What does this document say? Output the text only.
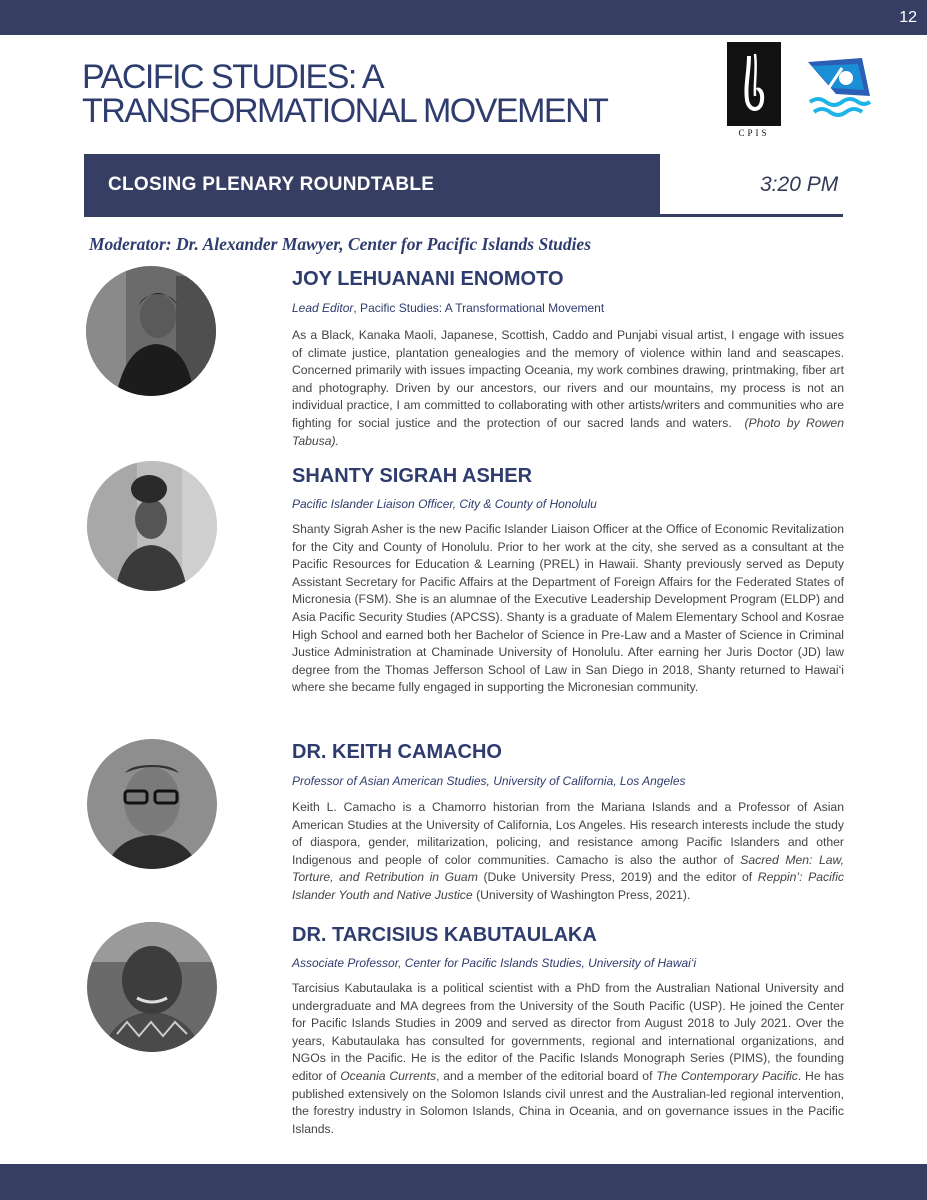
12
PACIFIC STUDIES: A
TRANSFORMATIONAL MOVEMENT
CPIS
CLOSING PLENARY ROUNDTABLE	3:20 PM
Moderator: Dr. Alexander Mawyer, Center for Pacific Islands Studies
JOY LEHUANANI ENOMOTO
Lead Editor, Pacific Studies: A Transformational Movement

As a Black, Kanaka Maoli, Japanese, Scottish, Caddo and Punjabi visual artist, I engage with issues of climate justice, plantation genealogies and the memory of violence within land and seascapes. Concerned primarily with issues impacting Oceania, my work combines drawing, printmaking, fiber art and photography. Driven by our ancestors, our rivers and our mountains, my process is not an individual practice, I am committed to collaborating with other artists/writers and communities who are fighting for social justice and the protection of our sacred lands and waters. (Photo by Rowen Tabusa).

SHANTY SIGRAH ASHER
Pacific Islander Liaison Officer, City & County of Honolulu

Shanty Sigrah Asher is the new Pacific Islander Liaison Officer at the Office of Economic Revitalization for the City and County of Honolulu. Prior to her work at the city, she served as a consultant at the Pacific Resources for Education & Learning (PREL) in Hawaii. Shanty previously served as Deputy Assistant Secretary for Pacific Affairs at the Department of Foreign Affairs for the Federated States of Micronesia (FSM). She is an alumnae of the Executive Leadership Development Program (ELDP) and Asia Pacific Security Studies (APCSS). Shanty is a graduate of Malem Elementary School and Kosrae High School and earned both her Bachelor of Science in Pre-Law and a Master of Science in Criminal Justice Administration at Chaminade University of Honolulu. After earning her Juris Doctor (JD) law degree from the Thomas Jefferson School of Law in San Diego in 2018, Shanty returned to Hawai‘i where she became fully engaged in supporting the Micronesian community.

DR. KEITH CAMACHO
Professor of Asian American Studies, University of California, Los Angeles

Keith L. Camacho is a Chamorro historian from the Mariana Islands and a Professor of Asian American Studies at the University of California, Los Angeles. His research interests include the study of diaspora, gender, militarization, policing, and resistance among Pacific Islanders and other Indigenous and people of color communities. Camacho is also the author of Sacred Men: Law, Torture, and Retribution in Guam (Duke University Press, 2019) and the editor of Reppin’: Pacific Islander Youth and Native Justice (University of Washington Press, 2021).

DR. TARCISIUS KABUTAULAKA
Associate Professor, Center for Pacific Islands Studies, University of Hawai‘i

Tarcisius Kabutaulaka is a political scientist with a PhD from the Australian National University and undergraduate and MA degrees from the University of the South Pacific (USP). He joined the Center for Pacific Islands Studies in 2009 and served as director from August 2018 to July 2021. Over the years, Kabutaulaka has consulted for governments, regional and international organizations, and NGOs in the Pacific. He is the editor of the Pacific Islands Monograph Series (PIMS), the founding editor of Oceania Currents, and a member of the editorial board of The Contemporary Pacific. He has published extensively on the Solomon Islands civil unrest and the Australian-led regional intervention, the forestry industry in Solomon Islands, China in Oceania, and on governance issues in the Pacific Islands.
